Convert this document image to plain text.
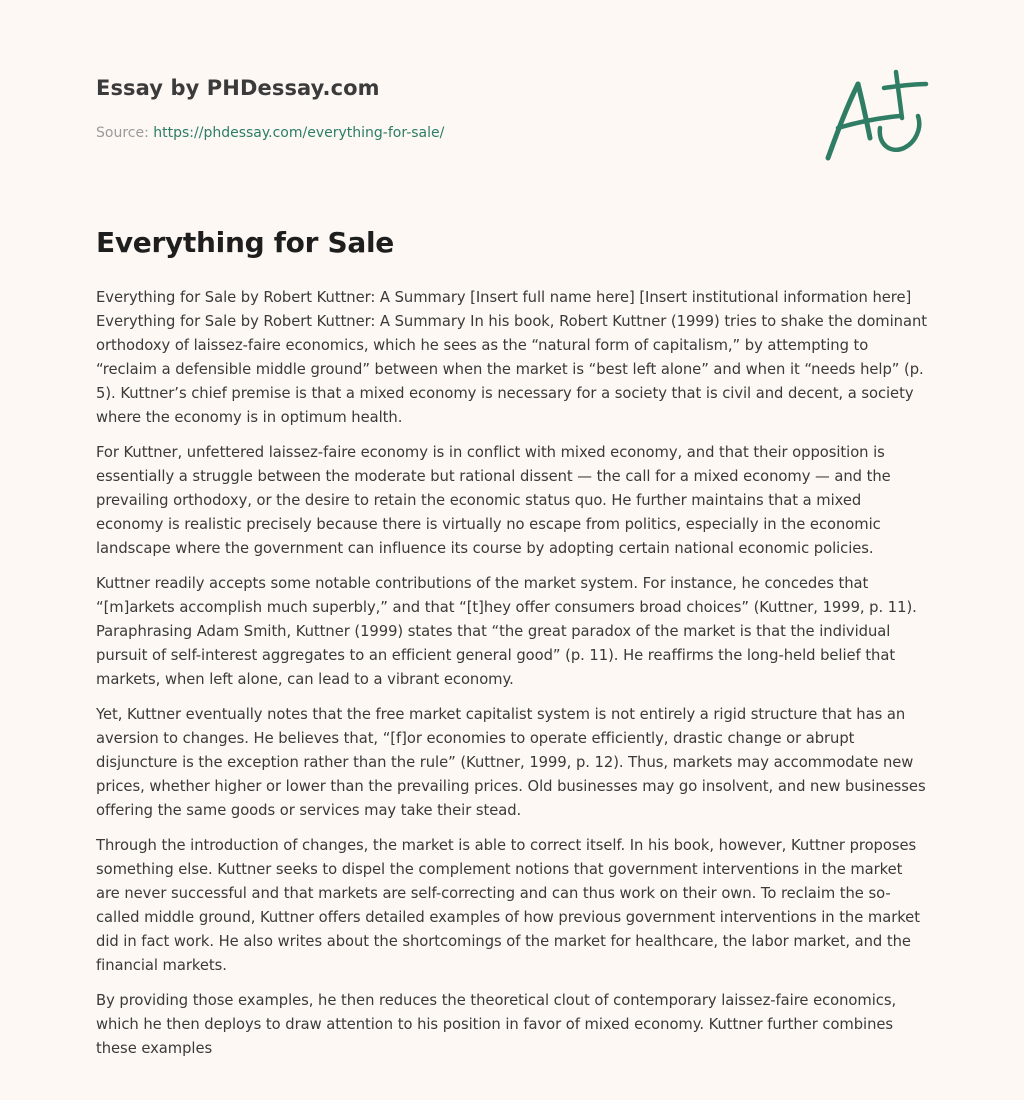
Essay by PHDessay.com
Source: https://phdessay.com/everything-for-sale/
Everything for Sale

Everything for Sale by Robert Kuttner: A Summary [Insert full name here] [Insert institutional information here] Everything for Sale by Robert Kuttner: A Summary In his book, Robert Kuttner (1999) tries to shake the dominant orthodoxy of laissez-faire economics, which he sees as the “natural form of capitalism,” by attempting to “reclaim a defensible middle ground” between when the market is “best left alone” and when it “needs help” (p. 5). Kuttner’s chief premise is that a mixed economy is necessary for a society that is civil and decent, a society where the economy is in optimum health.

For Kuttner, unfettered laissez-faire economy is in conflict with mixed economy, and that their opposition is essentially a struggle between the moderate but rational dissent — the call for a mixed economy — and the prevailing orthodoxy, or the desire to retain the economic status quo. He further maintains that a mixed economy is realistic precisely because there is virtually no escape from politics, especially in the economic landscape where the government can influence its course by adopting certain national economic policies.

Kuttner readily accepts some notable contributions of the market system. For instance, he concedes that “[m]arkets accomplish much superbly,” and that “[t]hey offer consumers broad choices” (Kuttner, 1999, p. 11). Paraphrasing Adam Smith, Kuttner (1999) states that “the great paradox of the market is that the individual pursuit of self-interest aggregates to an efficient general good” (p. 11). He reaffirms the long-held belief that markets, when left alone, can lead to a vibrant economy.

Yet, Kuttner eventually notes that the free market capitalist system is not entirely a rigid structure that has an aversion to changes. He believes that, “[f]or economies to operate efficiently, drastic change or abrupt disjuncture is the exception rather than the rule” (Kuttner, 1999, p. 12). Thus, markets may accommodate new prices, whether higher or lower than the prevailing prices. Old businesses may go insolvent, and new businesses offering the same goods or services may take their stead.

Through the introduction of changes, the market is able to correct itself. In his book, however, Kuttner proposes something else. Kuttner seeks to dispel the complement notions that government interventions in the market are never successful and that markets are self-correcting and can thus work on their own. To reclaim the so-called middle ground, Kuttner offers detailed examples of how previous government interventions in the market did in fact work. He also writes about the shortcomings of the market for healthcare, the labor market, and the financial markets.

By providing those examples, he then reduces the theoretical clout of contemporary laissez-faire economics, which he then deploys to draw attention to his position in favor of mixed economy. Kuttner further combines these examples
